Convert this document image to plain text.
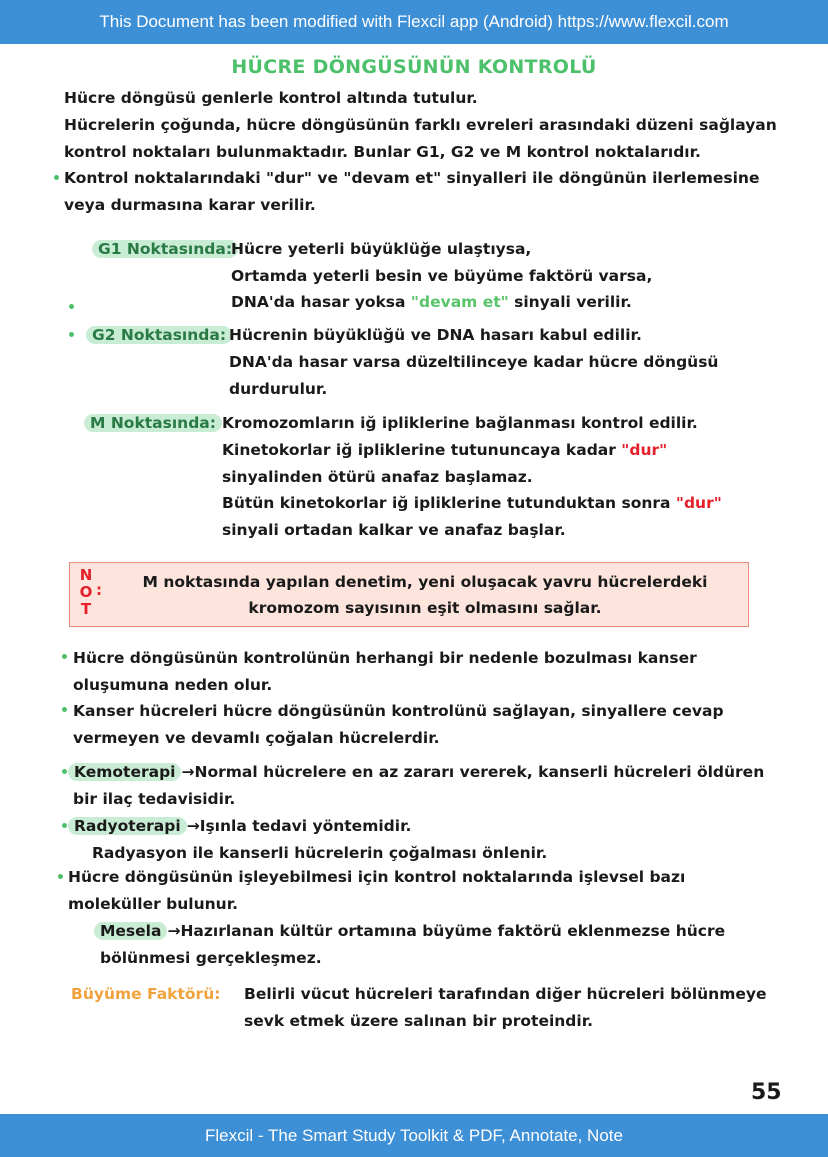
This Document has been modified with Flexcil app (Android) https://www.flexcil.com
HÜCRE DÖNGÜSÜNÜN KONTROLÜ
Hücre döngüsü genlerle kontrol altında tutulur.
Hücrelerin çoğunda, hücre döngüsünün farklı evreleri arasındaki düzeni sağlayan
kontrol noktaları bulunmaktadır. Bunlar G1, G2 ve M kontrol noktalarıdır.
Kontrol noktalarındaki "dur" ve "devam et" sinyalleri ile döngünün ilerlemesine
veya durmasına karar verilir.
G1 Noktasında:
Hücre yeterli büyüklüğe ulaştıysa,
Ortamda yeterli besin ve büyüme faktörü varsa,
DNA'da hasar yoksa "devam et" sinyali verilir.
G2 Noktasında: Hücrenin büyüklüğü ve DNA hasarı kabul edilir.
DNA'da hasar varsa düzeltilinceye kadar hücre döngüsü
durdurulur.
M Noktasında: Kromozomların iğ ipliklerine bağlanması kontrol edilir.
Kinetokorlar iğ ipliklerine tutununcaya kadar "dur"
sinyalinden ötürü anafaz başlamaz.
Bütün kinetokorlar iğ ipliklerine tutunduktan sonra "dur"
sinyali ortadan kalkar ve anafaz başlar.
N
O
T
:	M noktasında yapılan denetim, yeni oluşacak yavru hücrelerdeki
kromozom sayısının eşit olmasını sağlar.
Hücre döngüsünün kontrolünün herhangi bir nedenle bozulması kanser
oluşumuna neden olur.
Kanser hücreleri hücre döngüsünün kontrolünü sağlayan, sinyallere cevap
vermeyen ve devamlı çoğalan hücrelerdir.
Kemoterapi →Normal hücrelere en az zararı vererek, kanserli hücreleri öldüren
bir ilaç tedavisidir.
Radyoterapi →Işınla tedavi yöntemidir.
Radyasyon ile kanserli hücrelerin çoğalması önlenir.
Hücre döngüsünün işleyebilmesi için kontrol noktalarında işlevsel bazı
moleküller bulunur.
Mesela →Hazırlanan kültür ortamına büyüme faktörü eklenmezse hücre
bölünmesi gerçekleşmez.
Büyüme Faktörü: Belirli vücut hücreleri tarafından diğer hücreleri bölünmeye
sevk etmek üzere salınan bir proteindir.
55
Flexcil - The Smart Study Toolkit & PDF, Annotate, Note
